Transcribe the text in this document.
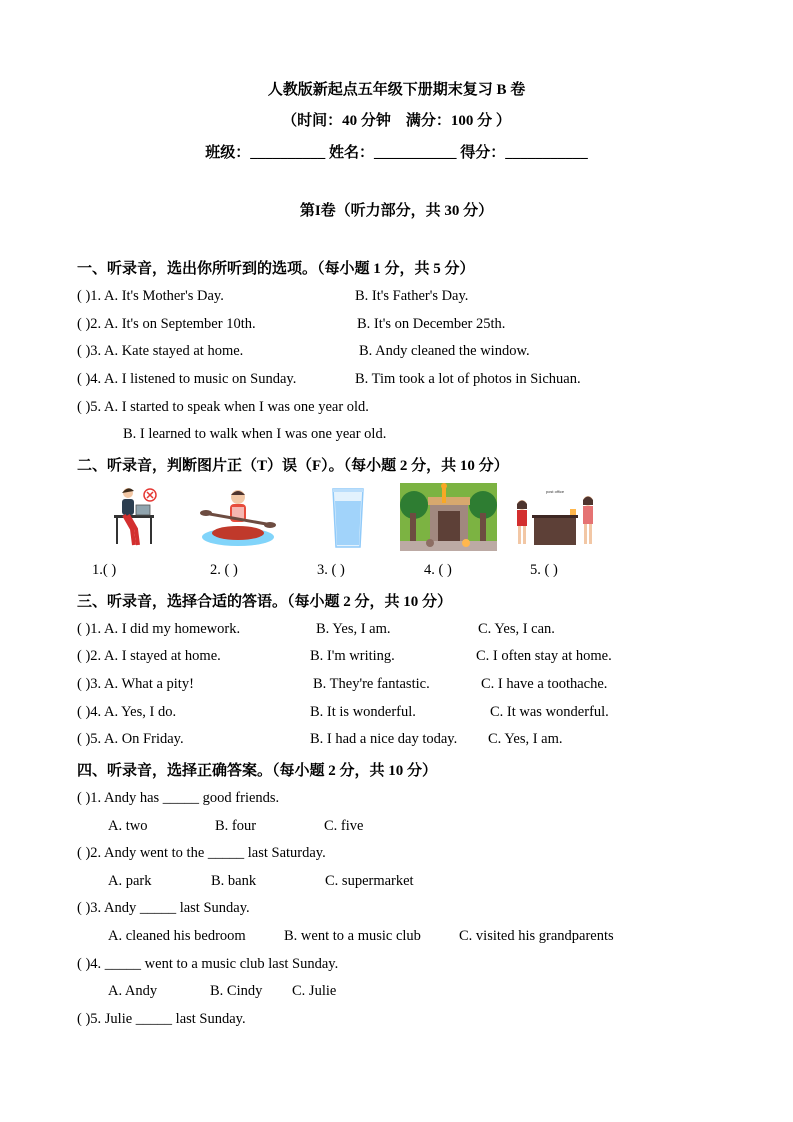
人教版新起点五年级下册期末复习 B 卷
（时间：40 分钟　满分：100 分 ）
班级：__________ 姓名：___________ 得分：___________
第I卷（听力部分，共 30 分）
一、听录音，选出你所听到的选项。（每小题 1 分，共 5 分）
( )1. A. It's Mother's Day.	B. It's Father's Day.
( )2. A. It's on September 10th.	B. It's on December 25th.
( )3. A. Kate stayed at home.	B. Andy cleaned the window.
( )4. A. I listened to music on Sunday.	B. Tim took a lot of photos in Sichuan.
( )5. A. I started to speak when I was one year old.
B. I learned to walk when I was one year old.
二、听录音，判断图片正（T）误（F）。（每小题 2 分，共 10 分）
post office
1.( )	2. ( )	3. ( )	4. ( )	5. ( )
三、听录音，选择合适的答语。（每小题 2 分，共 10 分）
( )1. A. I did my homework.	B. Yes, I am.	C. Yes, I can.
( )2. A. I stayed at home.	B. I'm writing.	C. I often stay at home.
( )3. A. What a pity!	B. They're fantastic.	C. I have a toothache.
( )4. A. Yes, I do.	B. It is wonderful.	C. It was wonderful.
( )5. A. On Friday.	B. I had a nice day today. C. Yes, I am.
四、听录音，选择正确答案。（每小题 2 分，共 10 分）
( )1. Andy has _____ good friends.
A. two	B. four	C. five
( )2. Andy went to the _____ last Saturday.
A. park	B. bank	C. supermarket
( )3. Andy _____ last Sunday.
A. cleaned his bedroom	B. went to a music club	C. visited his grandparents
( )4. _____ went to a music club last Sunday.
A. Andy	B. Cindy C. Julie
( )5. Julie _____ last Sunday.
